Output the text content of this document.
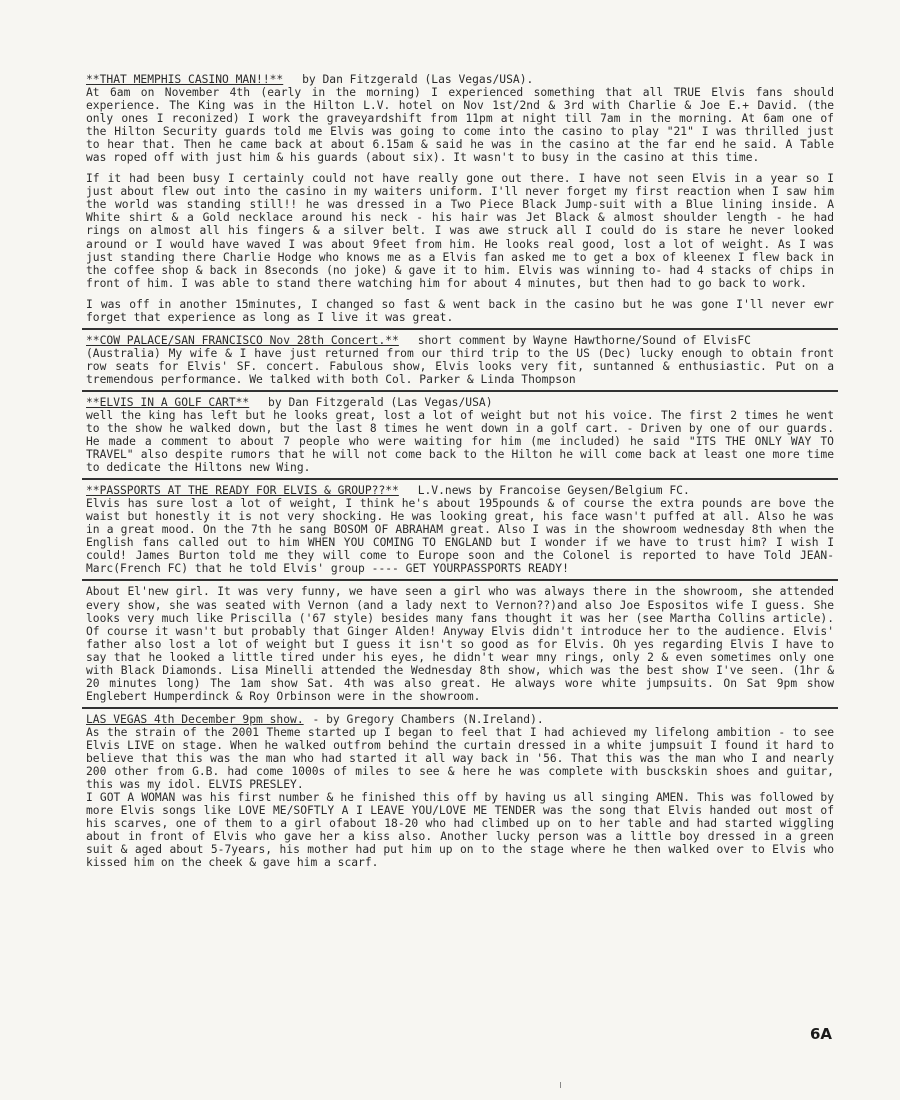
**THAT MEMPHIS CASINO MAN!!** by Dan Fitzgerald (Las Vegas/USA).

At 6am on November 4th (early in the morning) I experienced something that all TRUE Elvis fans should experience. The King was in the Hilton L.V. hotel on Nov 1st/2nd & 3rd with Charlie & Joe E.+ David. (the only ones I reconized) I work the graveyardshift from 11pm at night till 7am in the morning. At 6am one of the Hilton Security guards told me Elvis was going to come into the casino to play "21" I was thrilled just to hear that. Then he came back at about 6.15am & said he was in the casino at the far end he said. A Table was roped off with just him & his guards (about six). It wasn't to busy in the casino at this time.

If it had been busy I certainly could not have really gone out there. I have not seen Elvis in a year so I just about flew out into the casino in my waiters uniform. I'll never forget my first reaction when I saw him the world was standing still!! he was dressed in a Two Piece Black Jump-suit with a Blue lining inside. A White shirt & a Gold necklace around his neck - his hair was Jet Black & almost shoulder length - he had rings on almost all his fingers & a silver belt. I was awe struck all I could do is stare he never looked around or I would have waved I was about 9feet from him. He looks real good, lost a lot of weight. As I was just standing there Charlie Hodge who knows me as a Elvis fan asked me to get a box of kleenex I flew back in the coffee shop & back in 8seconds (no joke) & gave it to him. Elvis was winning to- had 4 stacks of chips in front of him. I was able to stand there watching him for about 4 minutes, but then had to go back to work.

I was off in another 15minutes, I changed so fast & went back in the casino but he was gone I'll never ewr forget that experience as long as I live it was great.

**COW PALACE/SAN FRANCISCO Nov 28th Concert.** short comment by Wayne Hawthorne/Sound of ElvisFC

(Australia) My wife & I have just returned from our third trip to the US (Dec) lucky enough to obtain front row seats for Elvis' SF. concert. Fabulous show, Elvis looks very fit, suntanned & enthusiastic. Put on a tremendous performance. We talked with both Col. Parker & Linda Thompson

**ELVIS IN A GOLF CART** by Dan Fitzgerald (Las Vegas/USA)

well the king has left but he looks great, lost a lot of weight but not his voice. The first 2 times he went to the show he walked down, but the last 8 times he went down in a golf cart. - Driven by one of our guards. He made a comment to about 7 people who were waiting for him (me included) he said "ITS THE ONLY WAY TO TRAVEL" also despite rumors that he will not come back to the Hilton he will come back at least one more time to dedicate the Hiltons new Wing.

**PASSPORTS AT THE READY FOR ELVIS & GROUP??** L.V.news by Francoise Geysen/Belgium FC.

Elvis has sure lost a lot of weight, I think he's about 195pounds & of course the extra pounds are bove the waist but honestly it is not very shocking. He was looking great, his face wasn't puffed at all. Also he was in a great mood. On the 7th he sang BOSOM OF ABRAHAM great. Also I was in the showroom wednesday 8th when the English fans called out to him WHEN YOU COMING TO ENGLAND but I wonder if we have to trust him? I wish I could! James Burton told me they will come to Europe soon and the Colonel is reported to have Told JEAN-Marc(French FC) that he told Elvis' group ---- GET YOURPASSPORTS READY!

About El'new girl. It was very funny, we have seen a girl who was always there in the showroom, she attended every show, she was seated with Vernon (and a lady next to Vernon??)and also Joe Espositos wife I guess. She looks very much like Priscilla ('67 style) besides many fans thought it was her (see Martha Collins article). Of course it wasn't but probably that Ginger Alden! Anyway Elvis didn't introduce her to the audience. Elvis' father also lost a lot of weight but I guess it isn't so good as for Elvis. Oh yes regarding Elvis I have to say that he looked a little tired under his eyes, he didn't wear mny rings, only 2 & even sometimes only one with Black Diamonds. Lisa Minelli attended the Wednesday 8th show, which was the best show I've seen. (1hr & 20 minutes long) The 1am show Sat. 4th was also great. He always wore white jumpsuits. On Sat 9pm show Englebert Humperdinck & Roy Orbinson were in the showroom.

LAS VEGAS 4th December 9pm show. - by Gregory Chambers (N.Ireland).

As the strain of the 2001 Theme started up I began to feel that I had achieved my lifelong ambition - to see Elvis LIVE on stage. When he walked outfrom behind the curtain dressed in a white jumpsuit I found it hard to believe that this was the man who had started it all way back in '56. That this was the man who I and nearly 200 other from G.B. had come 1000s of miles to see & here he was complete with busckskin shoes and guitar, this was my idol. ELVIS PRESLEY.

I GOT A WOMAN was his first number & he finished this off by having us all singing AMEN. This was followed by more Elvis songs like LOVE ME/SOFTLY A I LEAVE YOU/LOVE ME TENDER was the song that Elvis handed out most of his scarves, one of them to a girl ofabout 18-20 who had climbed up on to her table and had started wiggling about in front of Elvis who gave her a kiss also. Another lucky person was a little boy dressed in a green suit & aged about 5-7years, his mother had put him up on to the stage where he then walked over to Elvis who kissed him on the cheek & gave him a scarf.

6A
